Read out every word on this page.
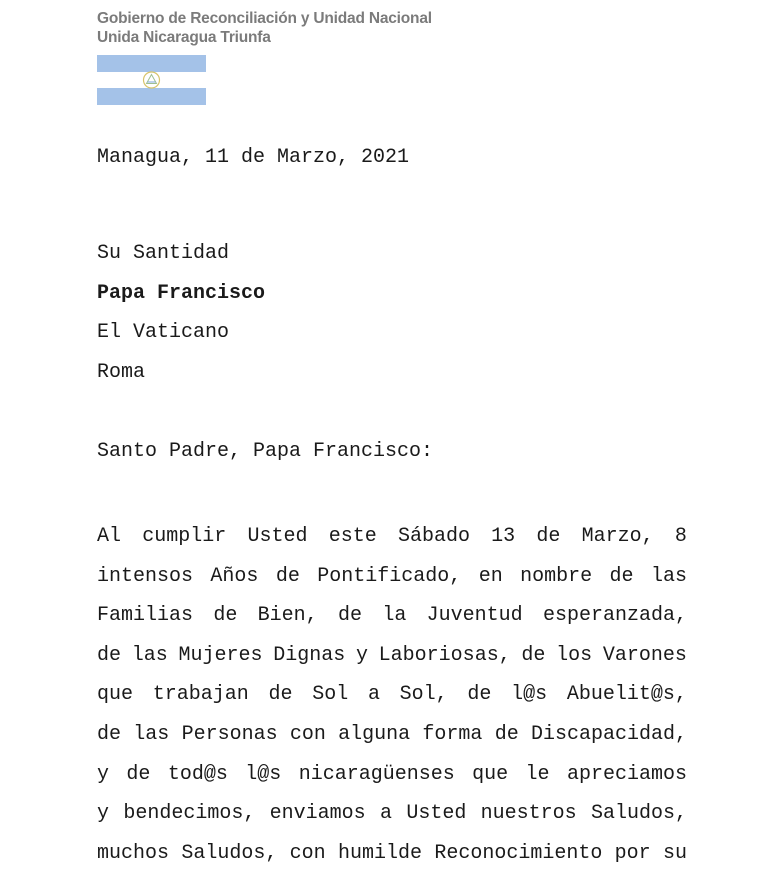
Gobierno de Reconciliación y Unidad Nacional
Unida Nicaragua Triunfa
Managua, 11 de Marzo, 2021
Su Santidad
Papa Francisco
El Vaticano
Roma
Santo Padre, Papa Francisco:
Al cumplir Usted este Sábado 13 de Marzo, 8
intensos Años de Pontificado, en nombre de las
Familias de Bien, de la Juventud esperanzada,
de las Mujeres Dignas y Laboriosas, de los Varones
que trabajan de Sol a Sol, de l@s Abuelit@s,
de las Personas con alguna forma de Discapacidad,
y de tod@s l@s nicaragüenses que le apreciamos
y bendecimos, enviamos a Usted nuestros Saludos,
muchos Saludos, con humilde Reconocimiento por su
